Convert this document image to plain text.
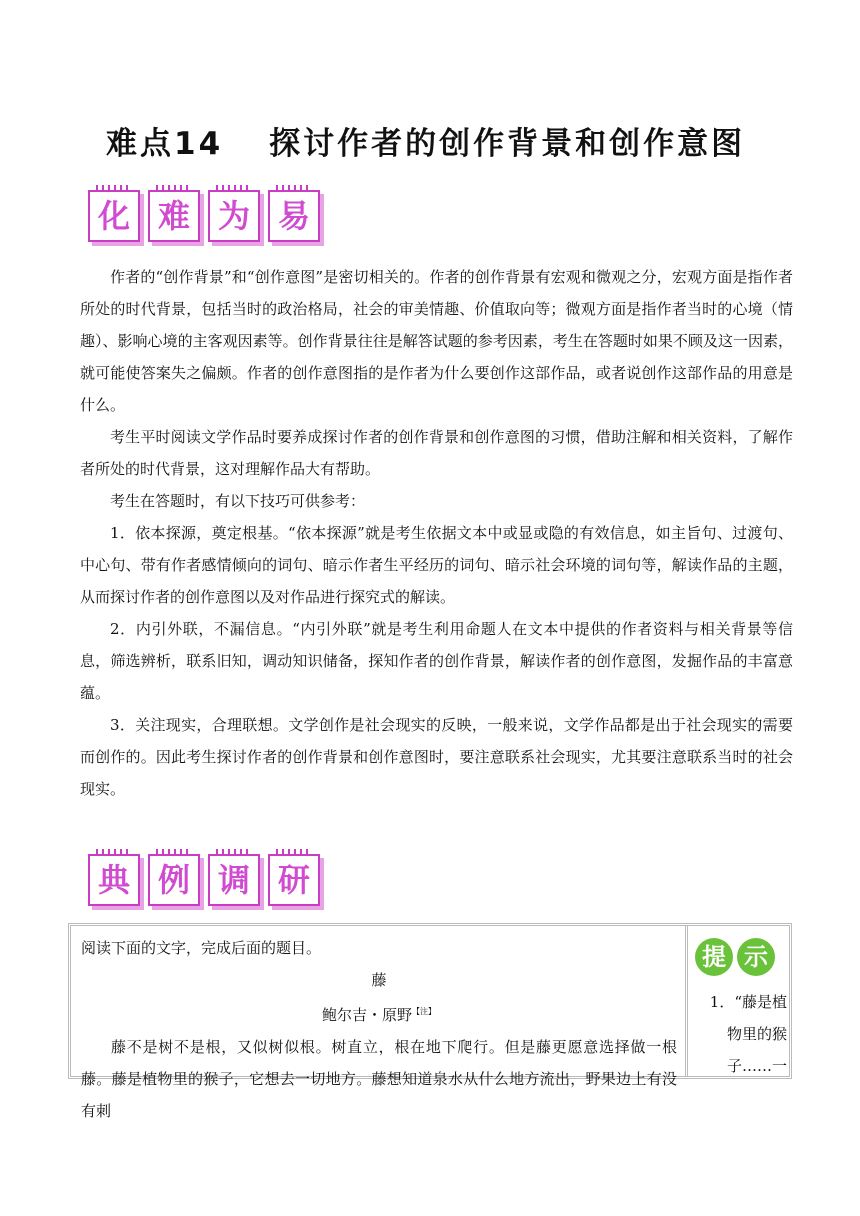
难点14 探讨作者的创作背景和创作意图
化 难 为 易

作者的“创作背景”和“创作意图”是密切相关的。作者的创作背景有宏观和微观之分，宏观方面是指作者所处的时代背景，包括当时的政治格局，社会的审美情趣、价值取向等；微观方面是指作者当时的心境（情趣）、影响心境的主客观因素等。创作背景往往是解答试题的参考因素，考生在答题时如果不顾及这一因素，就可能使答案失之偏颇。作者的创作意图指的是作者为什么要创作这部作品，或者说创作这部作品的用意是什么。

考生平时阅读文学作品时要养成探讨作者的创作背景和创作意图的习惯，借助注解和相关资料，了解作者所处的时代背景，这对理解作品大有帮助。

考生在答题时，有以下技巧可供参考：

1．依本探源，奠定根基。“依本探源”就是考生依据文本中或显或隐的有效信息，如主旨句、过渡句、中心句、带有作者感情倾向的词句、暗示作者生平经历的词句、暗示社会环境的词句等，解读作品的主题，从而探讨作者的创作意图以及对作品进行探究式的解读。

2．内引外联，不漏信息。“内引外联”就是考生利用命题人在文本中提供的作者资料与相关背景等信息，筛选辨析，联系旧知，调动知识储备，探知作者的创作背景，解读作者的创作意图，发掘作品的丰富意蕴。

3．关注现实，合理联想。文学创作是社会现实的反映，一般来说，文学作品都是出于社会现实的需要而创作的。因此考生探讨作者的创作背景和创作意图时，要注意联系社会现实，尤其要注意联系当时的社会现实。

典 例 调 研

阅读下面的文字，完成后面的题目。

藤

鲍尔吉・原野$^{【注】}$

藤不是树不是根，又似树似根。树直立，根在地下爬行。但是藤更愿意选择做一根藤。藤是植物里的猴子，它想去一切地方。藤想知道泉水从什么地方流出，野果边上有没有刺

提 示
1．“藤是植物里的猴子……一
